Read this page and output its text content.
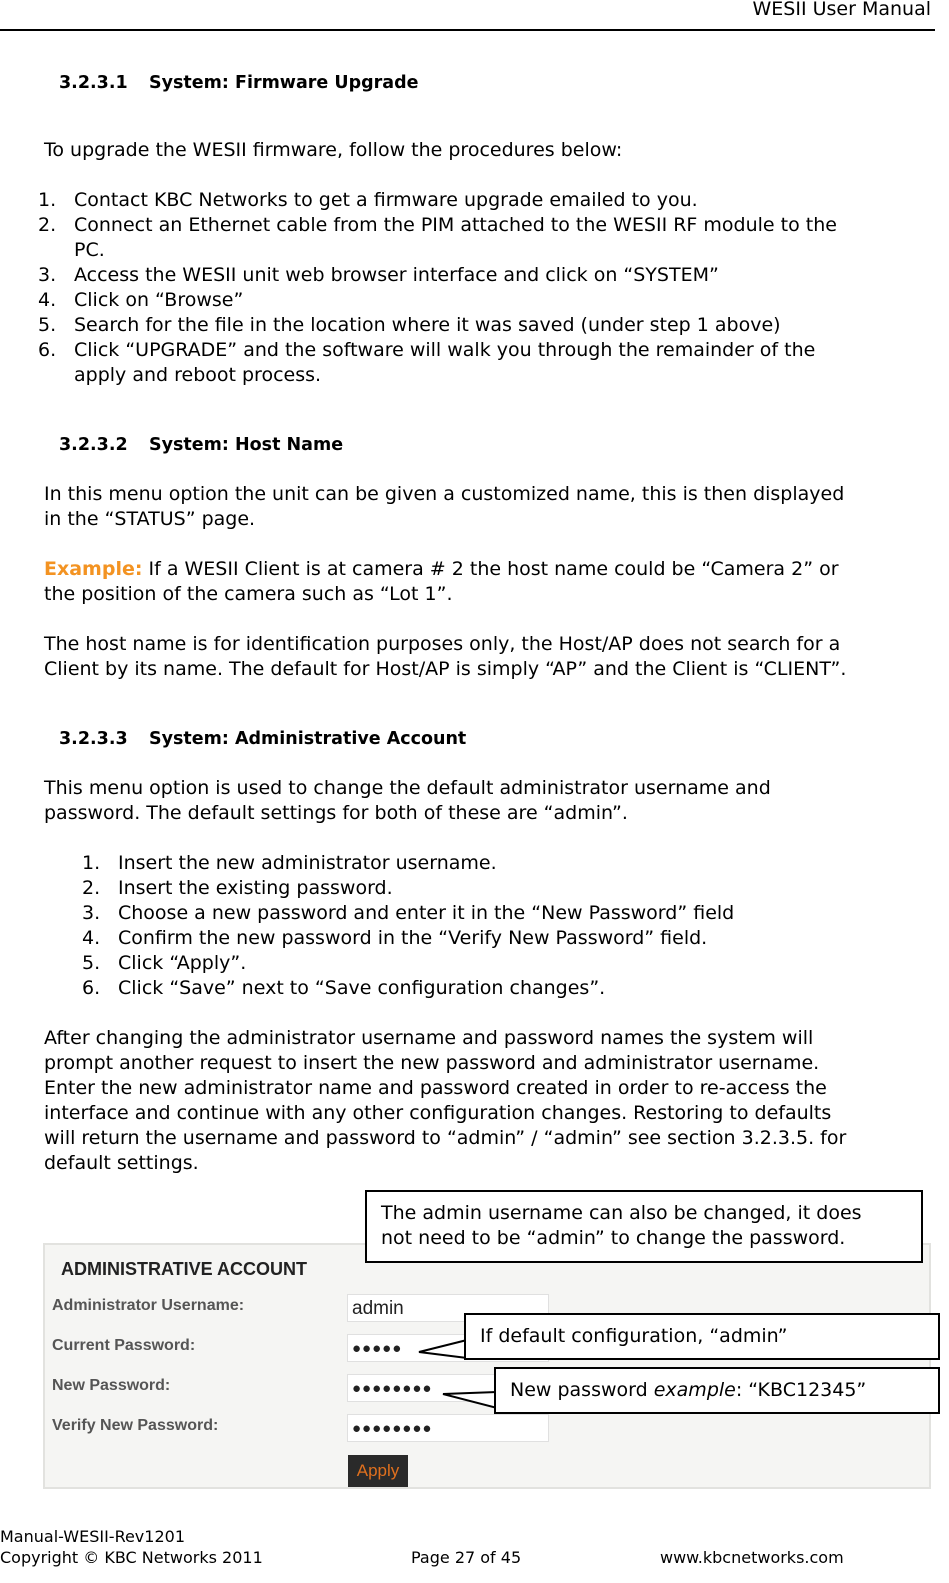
WESII User Manual
3.2.3.1 System: Firmware Upgrade
To upgrade the WESII firmware, follow the procedures below:
1. Contact KBC Networks to get a firmware upgrade emailed to you.
2. Connect an Ethernet cable from the PIM attached to the WESII RF module to the
PC.
3. Access the WESII unit web browser interface and click on “SYSTEM”
4. Click on “Browse”
5. Search for the file in the location where it was saved (under step 1 above)
6. Click “UPGRADE” and the software will walk you through the remainder of the
apply and reboot process.
3.2.3.2 System: Host Name
In this menu option the unit can be given a customized name, this is then displayed
in the “STATUS” page.
Example: If a WESII Client is at camera # 2 the host name could be “Camera 2” or
the position of the camera such as “Lot 1”.
The host name is for identification purposes only, the Host/AP does not search for a
Client by its name. The default for Host/AP is simply “AP” and the Client is “CLIENT”.
3.2.3.3 System: Administrative Account
This menu option is used to change the default administrator username and
password. The default settings for both of these are “admin”.
1. Insert the new administrator username.
2. Insert the existing password.
3. Choose a new password and enter it in the “New Password” field
4. Confirm the new password in the “Verify New Password” field.
5. Click “Apply”.
6. Click “Save” next to “Save configuration changes”.
After changing the administrator username and password names the system will
prompt another request to insert the new password and administrator username.
Enter the new administrator name and password created in order to re-access the
interface and continue with any other configuration changes. Restoring to defaults
will return the username and password to “admin” / “admin” see section 3.2.3.5. for
default settings.
ADMINISTRATIVE ACCOUNT
Administrator Username:	admin
Current Password:	●●●●●
New Password:	●●●●●●●●
Verify New Password:	●●●●●●●●
Apply
The admin username can also be changed, it does
not need to be “admin” to change the password.
If default configuration, “admin”
New password example: “KBC12345”
Manual-WESII-Rev1201
Copyright © KBC Networks 2011	Page 27 of 45	www.kbcnetworks.com
